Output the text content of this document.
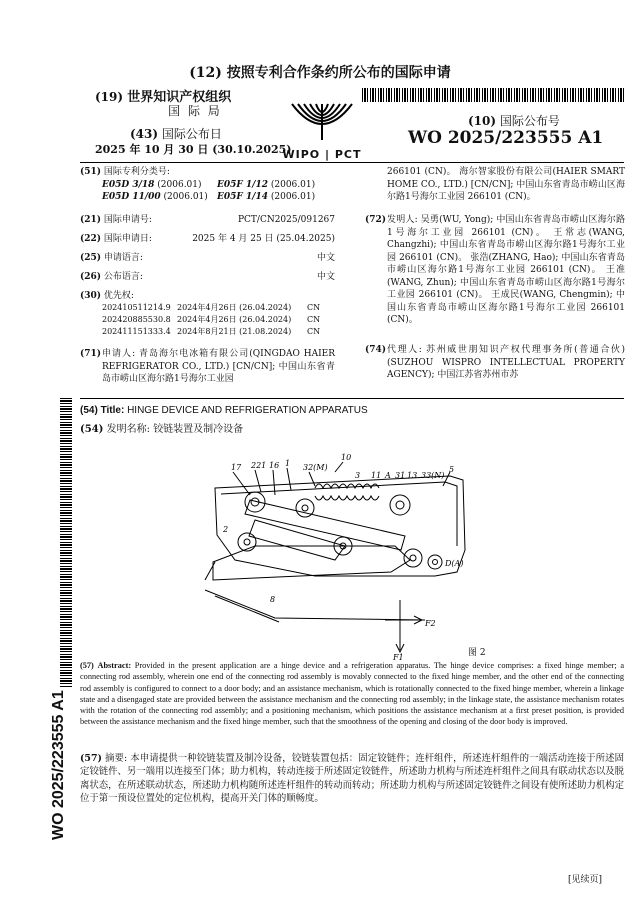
(12) 按照专利合作条约所公布的国际申请
(19) 世界知识产权组织
国 际 局
(43) 国际公布日
2025 年 10 月 30 日 (30.10.2025)
WIPO | PCT
(10) 国际公布号
WO 2025/223555 A1
(51) 国际专利分类号:
E05D 3/18 (2006.01)	E05F 1/12 (2006.01)
E05D 11/00 (2006.01)	E05F 1/14 (2006.01)
(21) 国际申请号:	PCT/CN2025/091267
(22) 国际申请日:	2025 年 4 月 25 日 (25.04.2025)
(25) 申请语言:	中文
(26) 公布语言:	中文
(30) 优先权:
202410511214.9 2024年4月26日 (26.04.2024)	CN
202420885530.8 2024年4月26日 (26.04.2024)	CN
202411151333.4 2024年8月21日 (21.08.2024)	CN
(71) 申请人: 青岛海尔电冰箱有限公司(QINGDAO HAIER REFRIGERATOR CO., LTD.) [CN/CN]; 中国山东省青岛市崂山区海尔路1号海尔工业园
266101 (CN)。 海尔智家股份有限公司(HAIER SMART HOME CO., LTD.) [CN/CN]; 中国山东省青岛市崂山区海尔路1号海尔工业园 266101 (CN)。
(72) 发明人: 吴勇(WU, Yong); 中国山东省青岛市崂山区海尔路1号海尔工业园 266101 (CN)。 王常志(WANG, Changzhi); 中国山东省青岛市崂山区海尔路1号海尔工业园 266101 (CN)。 张浩(ZHANG, Hao); 中国山东省青岛市崂山区海尔路1号海尔工业园 266101 (CN)。 王准(WANG, Zhun); 中国山东省青岛市崂山区海尔路1号海尔工业园 266101 (CN)。 王成民(WANG, Chengmin); 中国山东省青岛市崂山区海尔路1号海尔工业园 266101 (CN)。
(74) 代理人: 苏州威世朋知识产权代理事务所(普通合伙) (SUZHOU WISPRO INTELLECTUAL PROPERTY AGENCY); 中国江苏省苏州市苏
(54) Title: HINGE DEVICE AND REFRIGERATION APPARATUS
(54) 发明名称: 铰链装置及制冷设备
WO 2025/223555 A1
17 221 16 1 32(M)
10
3 11 A 31 13 33(N)
5
2
D(A)
8
F1
F2
图 2
(57) Abstract: Provided in the present application are a hinge device and a refrigeration apparatus. The hinge device comprises: a fixed hinge member; a connecting rod assembly, wherein one end of the connecting rod assembly is movably connected to the fixed hinge member, and the other end of the connecting rod assembly is configured to connect to a door body; and an assistance mechanism, which is rotationally connected to the fixed hinge member, wherein a linkage state and a disengaged state are provided between the assistance mechanism and the connecting rod assembly; in the linkage state, the assistance mechanism rotates with the rotation of the connecting rod assembly; and a positioning mechanism, which positions the assistance mechanism at a first preset position, is provided between the assistance mechanism and the fixed hinge member, such that the smoothness of the opening and closing of the door body is improved.
(57) 摘要: 本申请提供一种铰链装置及制冷设备，铰链装置包括：固定铰链件；连杆组件，所述连杆组件的一端活动连接于所述固定铰链件、另一端用以连接至门体；助力机构，转动连接于所述固定铰链件，所述助力机构与所述连杆组件之间具有联动状态以及脱离状态，在所述联动状态，所述助力机构随所述连杆组件的转动而转动；所述助力机构与所述固定铰链件之间设有使所述助力机构定位于第一预设位置处的定位机构，提高开关门体的顺畅度。
[见续页]
